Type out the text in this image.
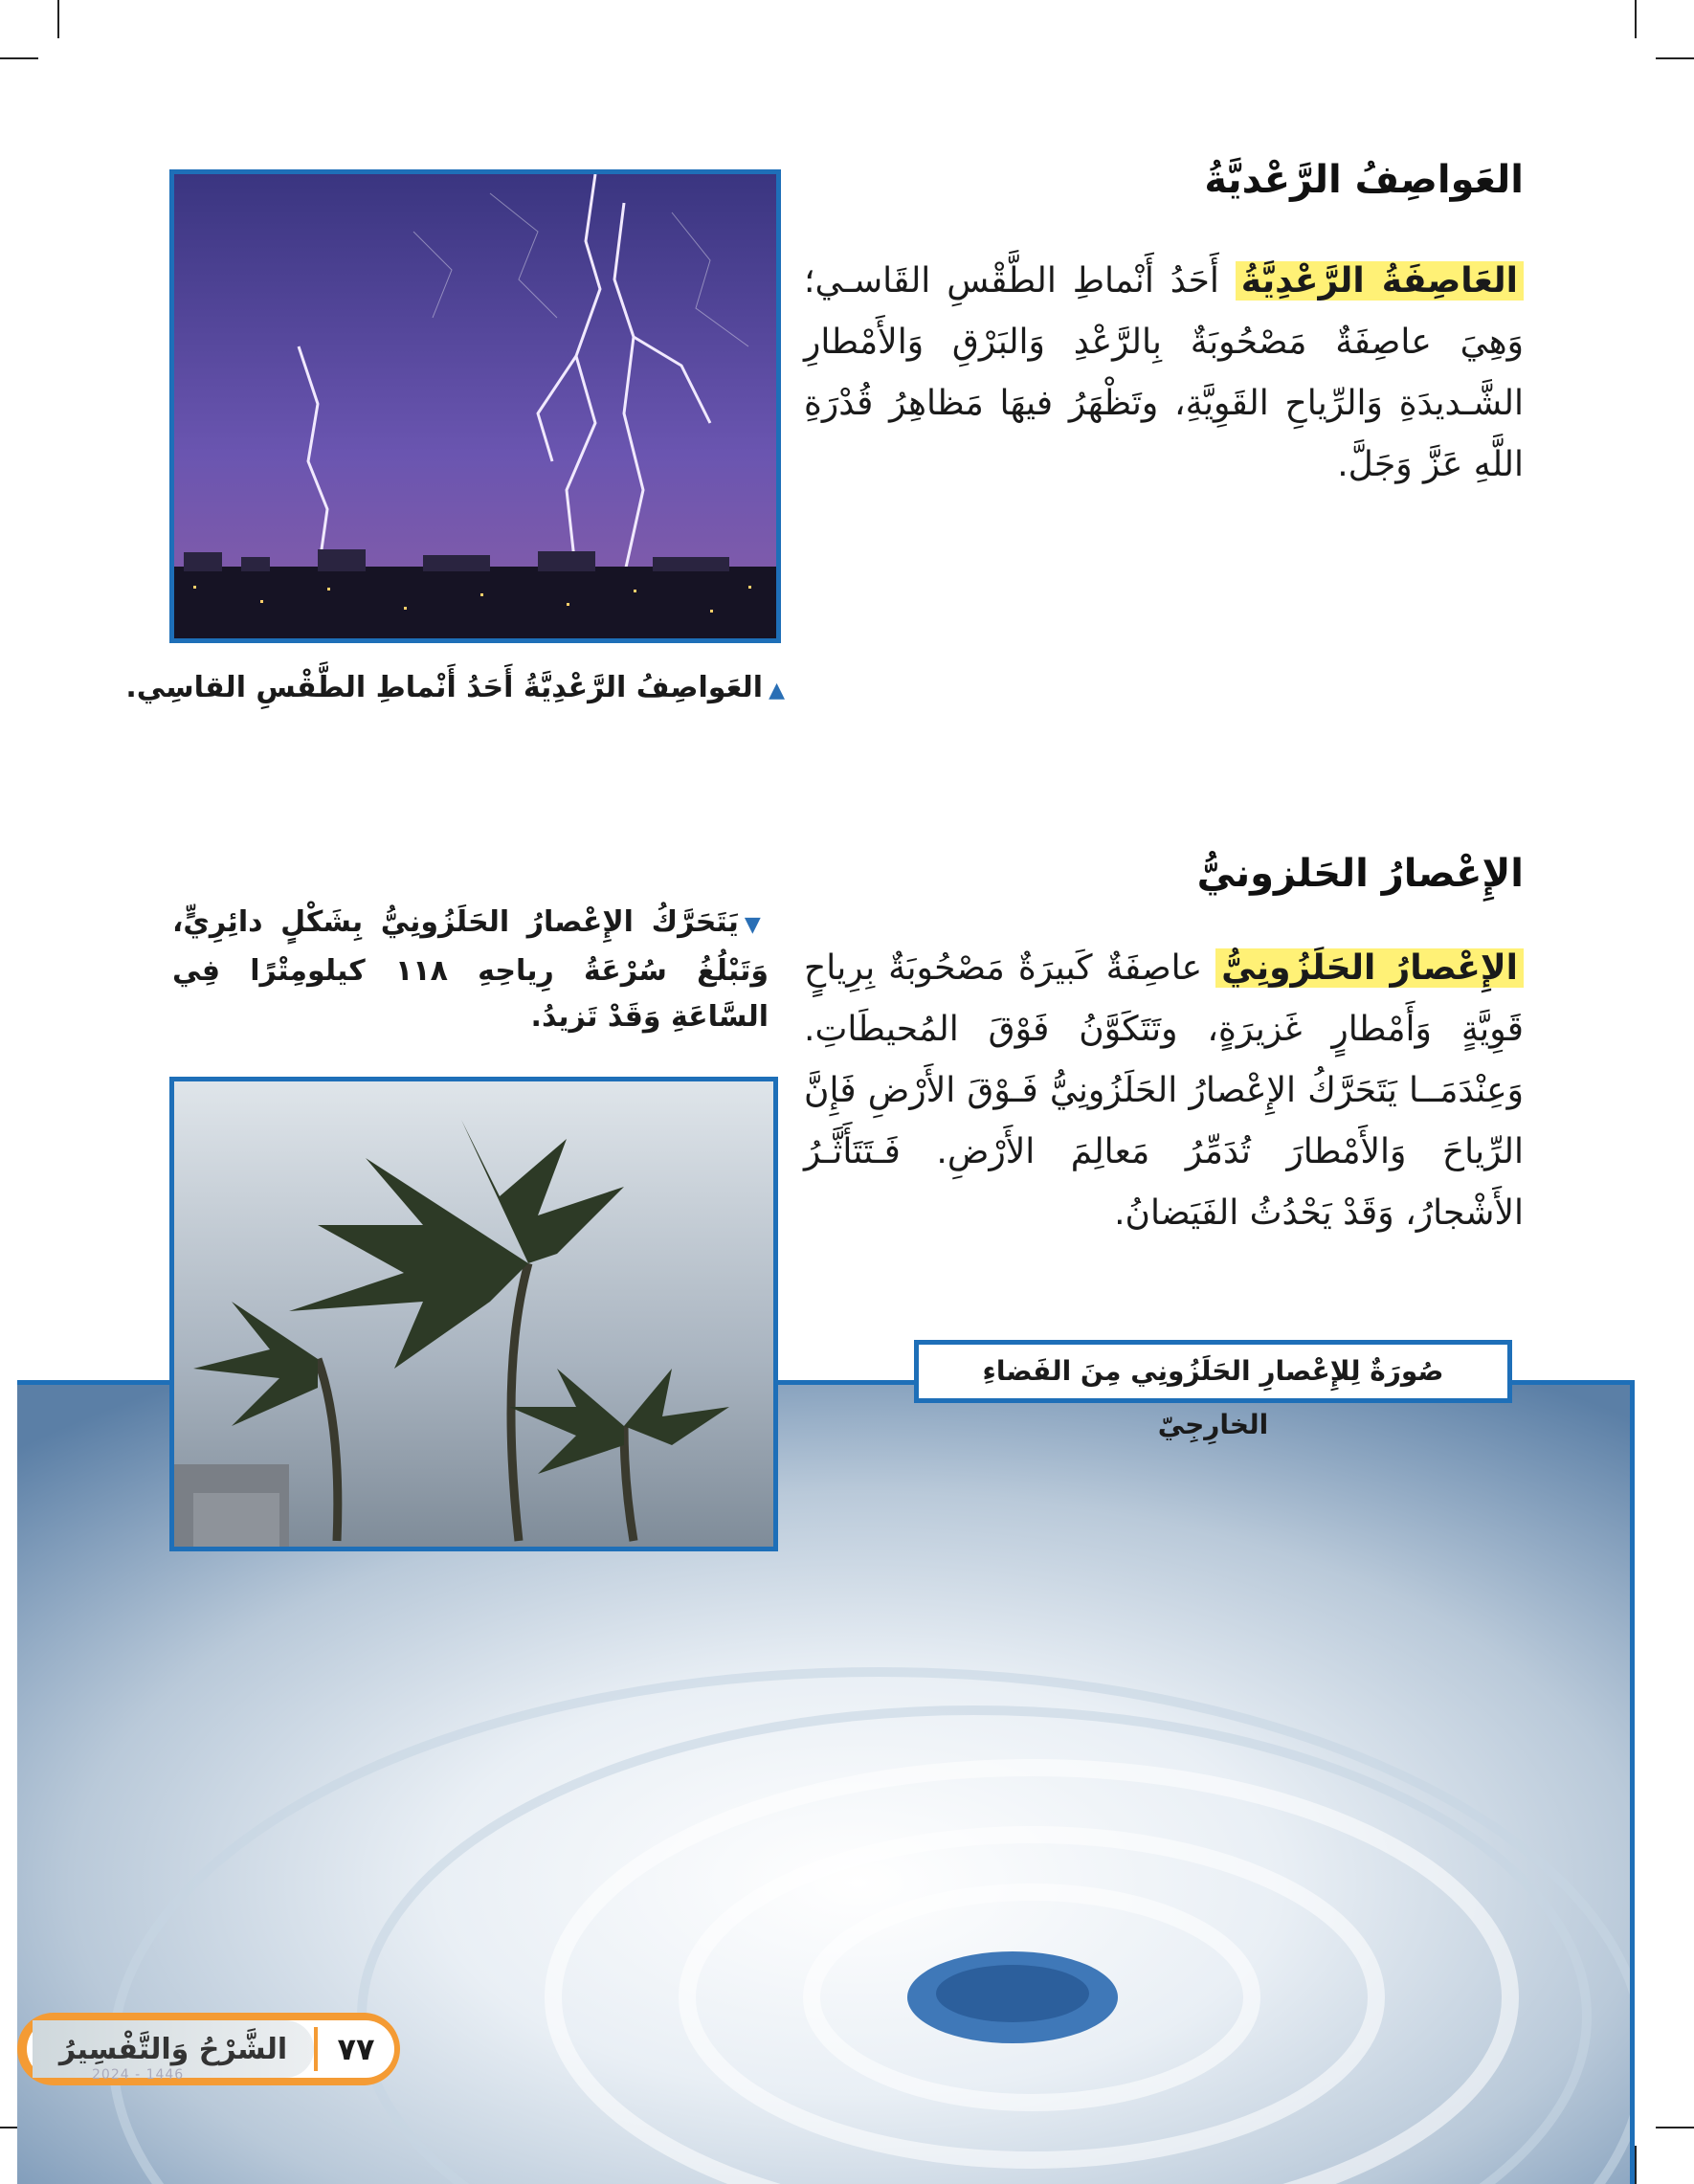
العَواصِفُ الرَّعْديَّةُ
العَاصِفَةُ الرَّعْدِيَّةُ أَحَدُ أَنْماطِ الطَّقْسِ القَاسـي؛ وَهِيَ عاصِفَةٌ مَصْحُوبَةٌ بِالرَّعْدِ وَالبَرْقِ وَالأَمْطارِ الشَّـديدَةِ وَالرِّياحِ القَوِيَّةِ، وتَظْهَرُ فيهَا مَظاهِرُ قُدْرَةِ اللَّهِ عَزَّ وَجَلَّ.
▲العَواصِفُ الرَّعْدِيَّةُ أَحَدُ أَنْماطِ الطَّقْسِ القاسِي.
الإِعْصارُ الحَلزونيُّ
الإِعْصارُ الحَلَزُونِيُّ عاصِفَةٌ كَبيرَةٌ مَصْحُوبَةٌ بِرِياحٍ قَوِيَّةٍ وَأَمْطارٍ غَزيرَةٍ، وتَتَكَوَّنُ فَوْقَ المُحيطَاتِ. وَعِنْدَمَــا يَتَحَرَّكُ الإِعْصارُ الحَلَزُونِيُّ فَـوْقَ الأَرْضِ فَإِنَّ الرِّياحَ وَالأَمْطارَ تُدَمِّرُ مَعالِمَ الأَرْضِ. فَـتَتَأَثَّـرُ الأَشْجارُ، وَقَدْ يَحْدُثُ الفَيَضانُ.
▼يَتَحَرَّكُ الإِعْصارُ الحَلَزُونِيُّ بِشَكْلٍ دائِرِيٍّ، وَتَبْلُغُ سُرْعَةُ رِياحِهِ ١١٨ كيلومِتْرًا فِي السَّاعَةِ وَقَدْ تَزيدُ.
صُورَةٌ لِلإِعْصارِ الحَلَزُونِي مِنَ الفَضاءِ الخارِجِيّ
الشَّرْحُ وَالتَّفْسِيرُ	٧٧
2024 - 1446
